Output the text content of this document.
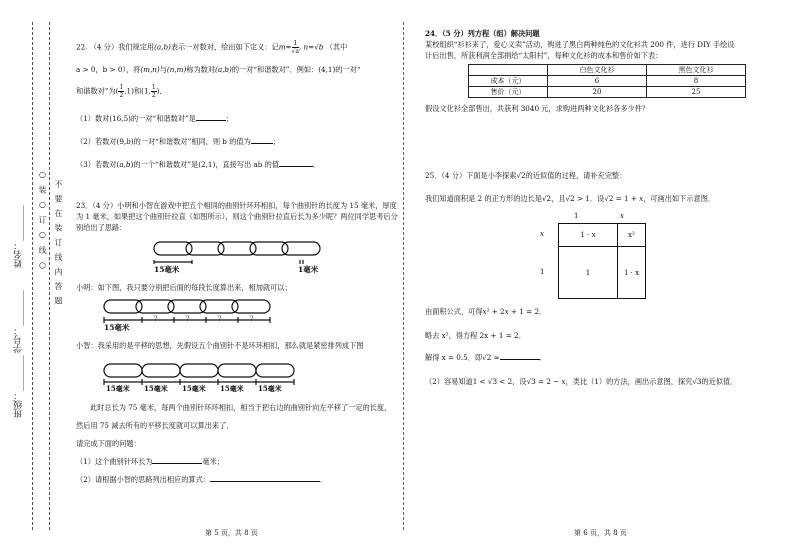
○ 装 ○ 订 ○ 线 ○ 不 要 在 装 订 线 内 答 题
姓名：________
学号：________
班级：________
22. （4 分）我们规定用(a,b)表示一对数对，给出如下定义：记$m= \frac{1}{√a}$ , n=√b （其中
a > 0，b > 0），将(m,n)与(n,m)称为数对(a,b)的一对“和谐数对”．例如：(4,1)的一对“
和谐数对”为( $\frac{1}{2} ,1$)和(1, $\frac{1}{2}$ )．
（1）数对(16,5)的一对“和谐数对”是	；
（2）若数对(9,b)的一对“和谐数对”相同，则 b 的值为	；
（3）若数对(a,b)的一个“和谐数对”是(2,1)，直接写出 ab 的值	．
23．（4 分）小明和小智在游戏中把五个相同的曲别针环环相扣，每个曲别针的长度为 15 毫米，厚度为 1 毫米，如果把这个曲别针拉直（如图所示），则这个曲别针拉直后长为多少呢？两位同学思考后分别给出了思路：
15毫米	1毫米
小明：如下图，我只要分别把后面的每段长度算出来，相加就可以；
15毫米
？	？	？	？
小智：我采用的是平移的思想，先假设五个曲别针不是环环相扣，那么就是紧密排列成下图
15毫米 15毫米 15毫米 15毫米 15毫米
此时总长为 75 毫米，每两个曲别针环环相扣，相当于把右边的曲别针向左平移了一定的长度，
然后用 75 减去所有的平移长度就可以算出来了．
请完成下面的问题：
（1）这个曲别针环长为	毫米；
（2）请根据小智的思路列出相应的算式：	．
第 5 页，共 8 页
24．（5 分）列方程（组）解决问题
某校组织“衫衫来了，爱心义卖”活动，购进了黑白两种纯色的文化衫共 200 件，进行 DIY 手绘设
计后出售，所获利润全部捐给“太阳村”，每种文化衫的成本和售价如下表：
	白色文化衫	黑色文化衫
成本（元）	6	8
售价（元）	20	25
假设文化衫全部售出，共获利 3040 元，求购进两种文化衫各多少件？
25．（4 分）下面是小李探索√2的近似值的过程，请补充完整：
我们知道面积是 2 的正方形的边长是√2，且√2 > 1．设√2 = 1 + x，可画出如下示意图．
1	x
x
1
1 · x	x²
1	1 · x
由面积公式，可得x² + 2x + 1 = 2．
略去 x²，得方程 2x + 1 = 2．
解得 x = 0.5．即√2 ≈	．
（2）容易知道1 < √3 < 2，设√3 = 2 − x，类比（1）的方法，画出示意图，探究√3的近似值．
第 6 页，共 8 页
